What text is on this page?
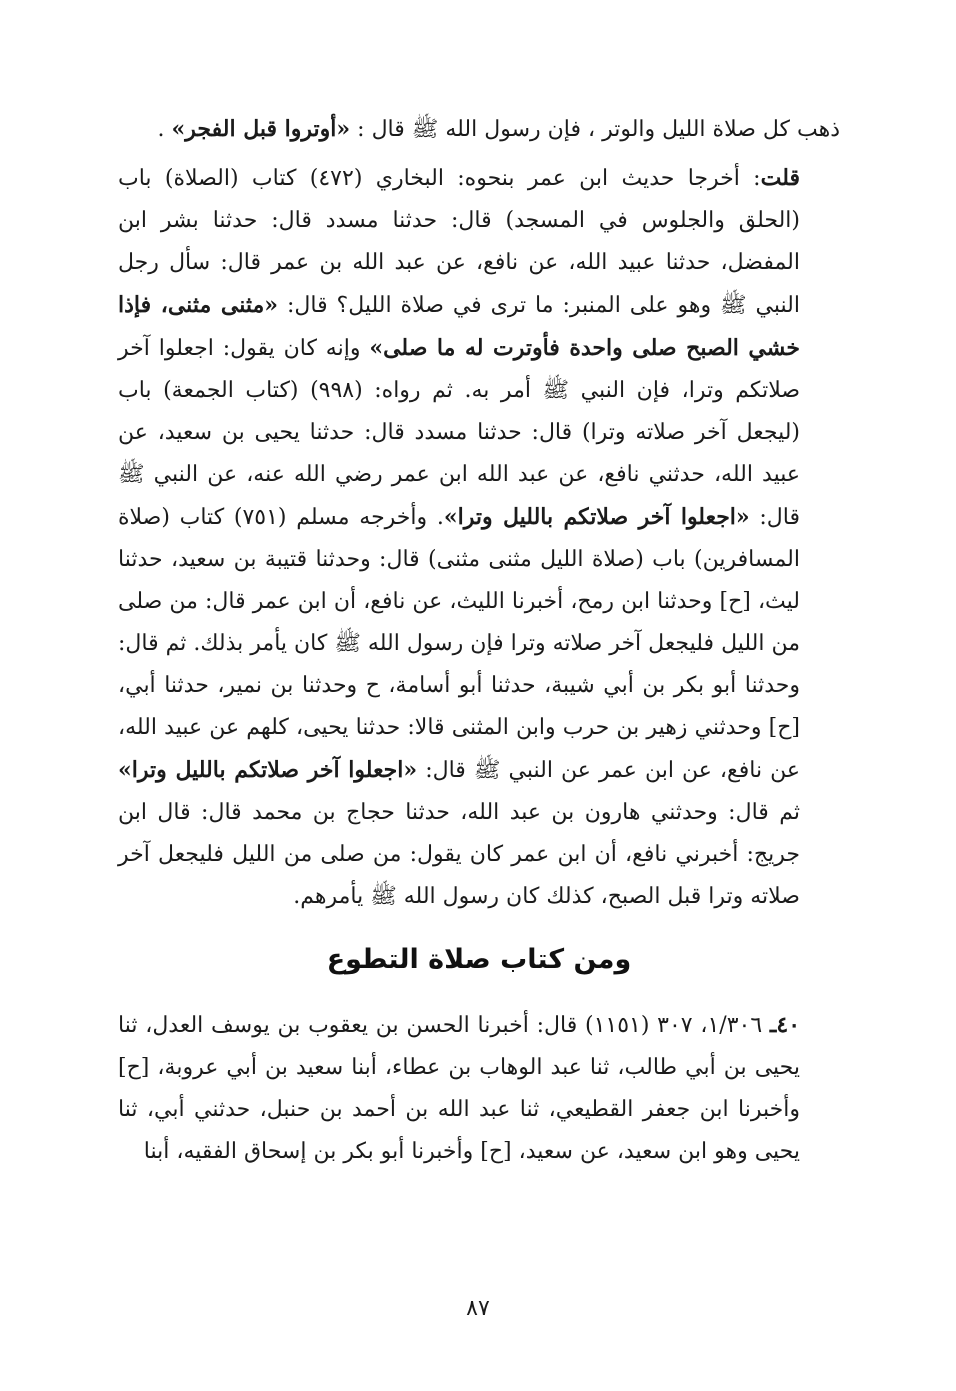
ذهب كل صلاة الليل والوتر ، فإن رسول الله ﷺ قال : «أوتروا قبل الفجر» .

قلت: أخرجا حديث ابن عمر بنحوه: البخاري (٤٧٢) كتاب (الصلاة) باب (الحلق والجلوس في المسجد) قال: حدثنا مسدد قال: حدثنا بشر ابن المفضل، حدثنا عبيد الله، عن نافع، عن عبد الله بن عمر قال: سأل رجل النبي ﷺ وهو على المنبر: ما ترى في صلاة الليل؟ قال: «مثنى مثنى، فإذا خشي الصبح صلى واحدة فأوترت له ما صلى» وإنه كان يقول: اجعلوا آخر صلاتكم وترا، فإن النبي ﷺ أمر به. ثم رواه: (٩٩٨) (كتاب الجمعة) باب (ليجعل آخر صلاته وترا) قال: حدثنا مسدد قال: حدثنا يحيى بن سعيد، عن عبيد الله، حدثني نافع، عن عبد الله ابن عمر رضي الله عنه، عن النبي ﷺ قال: «اجعلوا آخر صلاتكم بالليل وترا». وأخرجه مسلم (٧٥١) كتاب (صلاة المسافرين) باب (صلاة الليل مثنى مثنى) قال: وحدثنا قتيبة بن سعيد، حدثنا ليث، [ح] وحدثنا ابن رمح، أخبرنا الليث، عن نافع، أن ابن عمر قال: من صلى من الليل فليجعل آخر صلاته وترا فإن رسول الله ﷺ كان يأمر بذلك. ثم قال: وحدثنا أبو بكر بن أبي شيبة، حدثنا أبو أسامة، ح وحدثنا بن نمير، حدثنا أبي، [ح] وحدثني زهير بن حرب وابن المثنى قالا: حدثنا يحيى، كلهم عن عبيد الله، عن نافع، عن ابن عمر عن النبي ﷺ قال: «اجعلوا آخر صلاتكم بالليل وترا» ثم قال: وحدثني هارون بن عبد الله، حدثنا حجاج بن محمد قال: قال ابن جريج: أخبرني نافع، أن ابن عمر كان يقول: من صلى من الليل فليجعل آخر صلاته وترا قبل الصبح، كذلك كان رسول الله ﷺ يأمرهم.

ومن كتاب صلاة التطوع

٤٠ـ ١/٣٠٦، ٣٠٧ (١١٥١) قال: أخبرنا الحسن بن يعقوب بن يوسف العدل، ثنا يحيى بن أبي طالب، ثنا عبد الوهاب بن عطاء، أبنا سعيد بن أبي عروبة، [ح] وأخبرنا ابن جعفر القطيعي، ثنا عبد الله بن أحمد بن حنبل، حدثني أبي، ثنا يحيى وهو ابن سعيد، عن سعيد، [ح] وأخبرنا أبو بكر بن إسحاق الفقيه، أبنا

٨٧
